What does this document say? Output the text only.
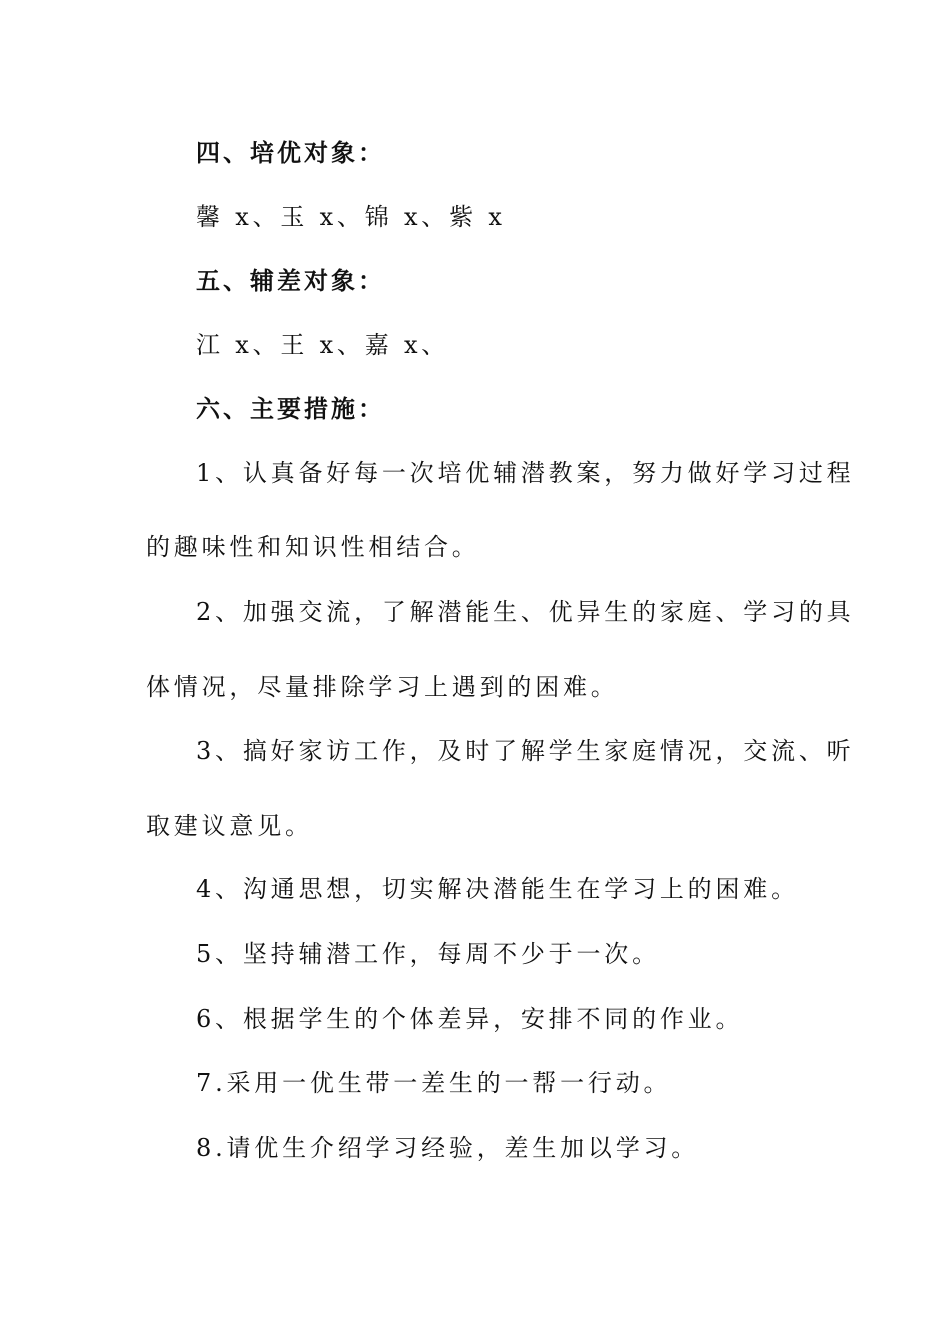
四、培优对象：
馨 x、玉 x、锦 x、紫 x
五、辅差对象：
江 x、王 x、嘉 x、
六、主要措施：
1、认真备好每一次培优辅潜教案，努力做好学习过程
的趣味性和知识性相结合。
2、加强交流，了解潜能生、优异生的家庭、学习的具
体情况，尽量排除学习上遇到的困难。
3、搞好家访工作，及时了解学生家庭情况，交流、听
取建议意见。
4、沟通思想，切实解决潜能生在学习上的困难。
5、坚持辅潜工作，每周不少于一次。
6、根据学生的个体差异，安排不同的作业。
7.采用一优生带一差生的一帮一行动。
8.请优生介绍学习经验，差生加以学习。
